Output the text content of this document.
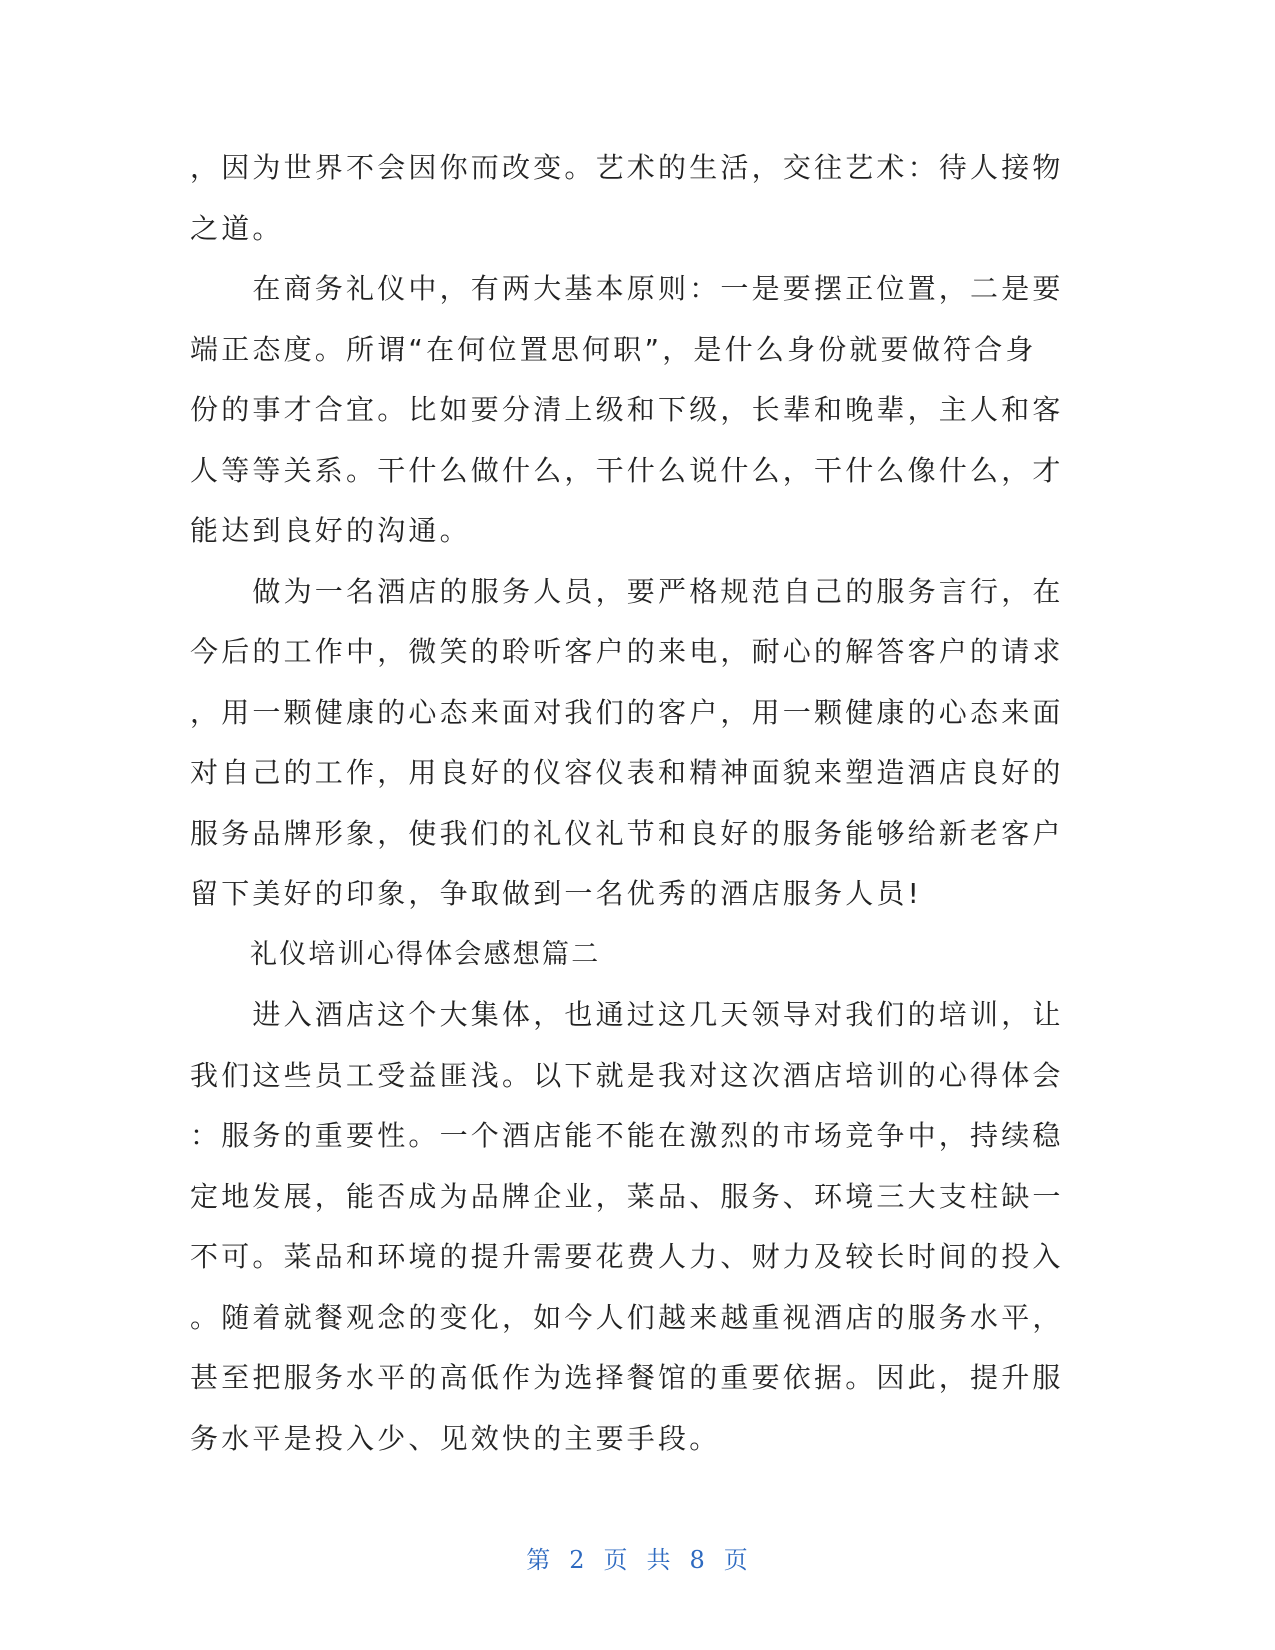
，因为世界不会因你而改变。艺术的生活，交往艺术：待人接物
之道。
　　在商务礼仪中，有两大基本原则：一是要摆正位置，二是要
端正态度。所谓“在何位置思何职”，是什么身份就要做符合身
份的事才合宜。比如要分清上级和下级，长辈和晚辈，主人和客
人等等关系。干什么做什么，干什么说什么，干什么像什么，才
能达到良好的沟通。
　　做为一名酒店的服务人员，要严格规范自己的服务言行，在
今后的工作中，微笑的聆听客户的来电，耐心的解答客户的请求
，用一颗健康的心态来面对我们的客户，用一颗健康的心态来面
对自己的工作，用良好的仪容仪表和精神面貌来塑造酒店良好的
服务品牌形象，使我们的礼仪礼节和良好的服务能够给新老客户
留下美好的印象，争取做到一名优秀的酒店服务人员!
礼仪培训心得体会感想篇二
　　进入酒店这个大集体，也通过这几天领导对我们的培训，让
我们这些员工受益匪浅。以下就是我对这次酒店培训的心得体会
：服务的重要性。一个酒店能不能在激烈的市场竞争中，持续稳
定地发展，能否成为品牌企业，菜品、服务、环境三大支柱缺一
不可。菜品和环境的提升需要花费人力、财力及较长时间的投入
。随着就餐观念的变化，如今人们越来越重视酒店的服务水平，
甚至把服务水平的高低作为选择餐馆的重要依据。因此，提升服
务水平是投入少、见效快的主要手段。
第 2 页 共 8 页
